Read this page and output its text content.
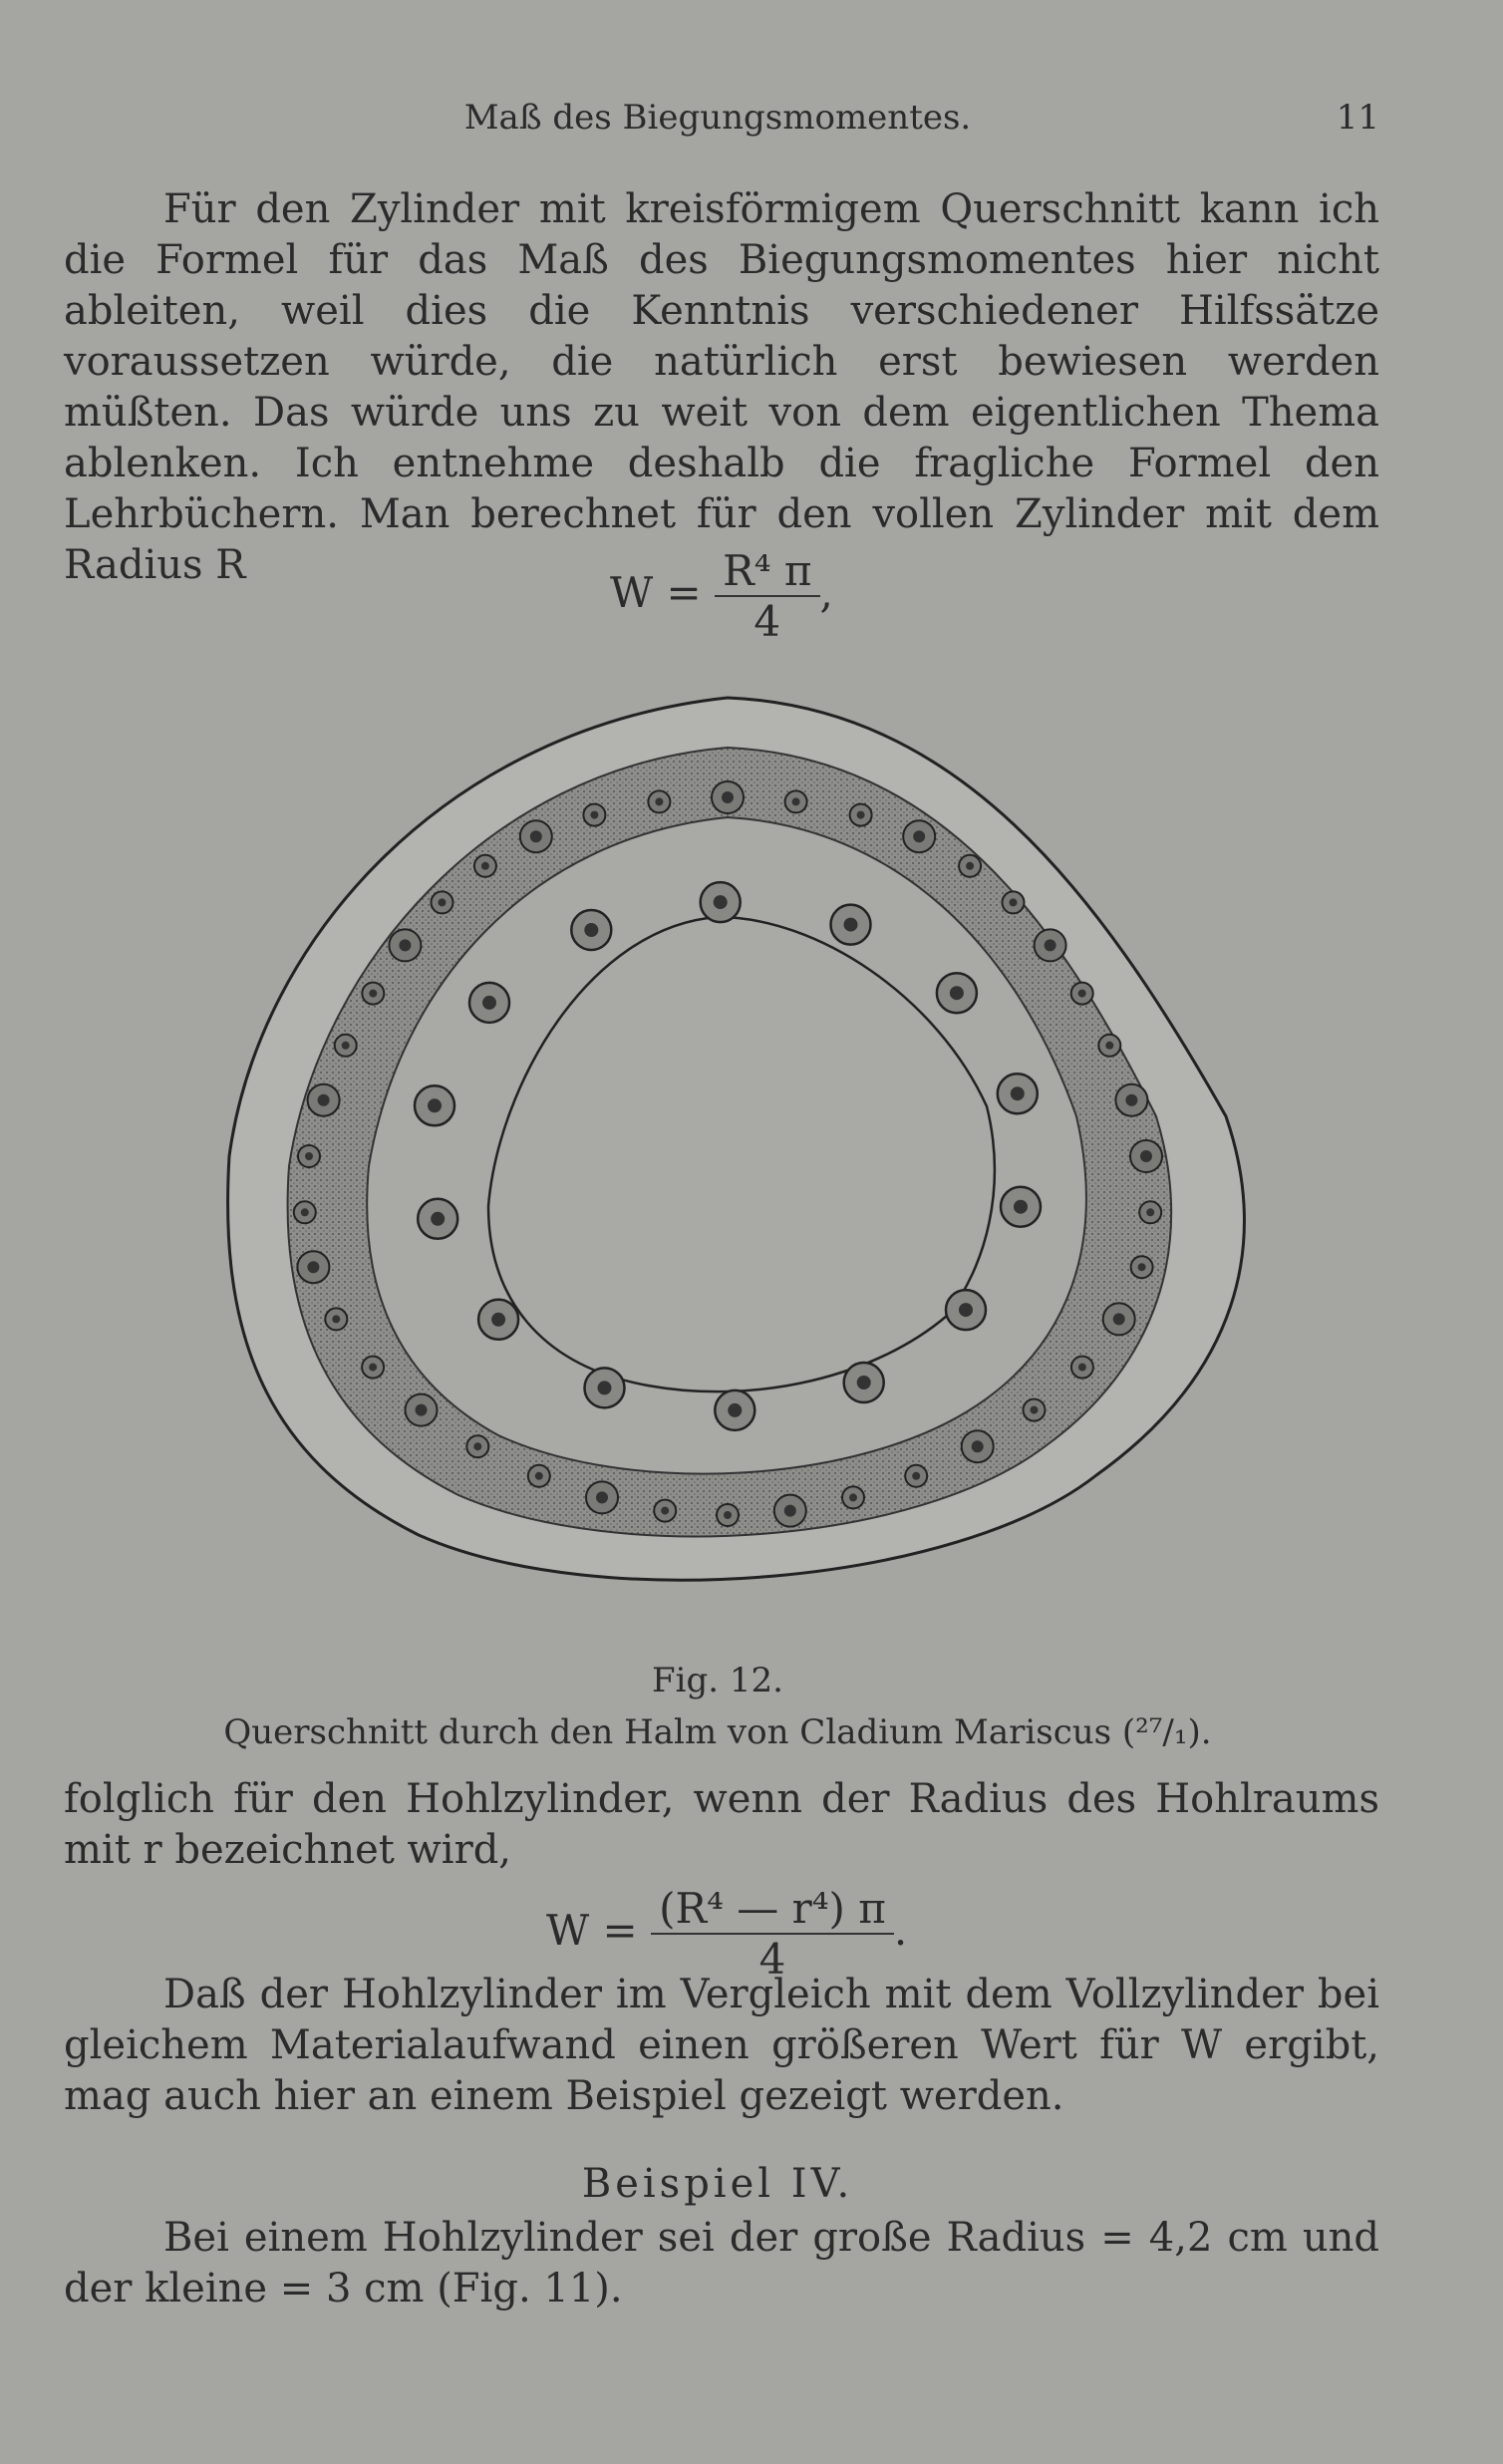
Maß des Biegungsmomentes.	11

Für den Zylinder mit kreisförmigem Querschnitt kann ich die Formel für das Maß des Biegungsmomentes hier nicht ableiten, weil dies die Kenntnis verschiedener Hilfssätze voraussetzen würde, die natürlich erst bewiesen werden müßten. Das würde uns zu weit von dem eigentlichen Thema ablenken. Ich entnehme deshalb die fragliche Formel den Lehrbüchern. Man berechnet für den vollen Zylinder mit dem Radius R

$W = \frac{\text{R⁴ π}}{4}$ ,
Fig. 12.
Querschnitt durch den Halm von Cladium Mariscus (²⁷/₁).

folglich für den Hohlzylinder, wenn der Radius des Hohlraums mit r bezeichnet wird,

$W = \frac{\text{(R⁴ — r⁴) π}}{4}$ .

Daß der Hohlzylinder im Vergleich mit dem Vollzylinder bei gleichem Materialaufwand einen größeren Wert für W ergibt, mag auch hier an einem Beispiel gezeigt werden.

Beispiel IV.

Bei einem Hohlzylinder sei der große Radius = 4,2 cm und der kleine = 3 cm (Fig. 11).
